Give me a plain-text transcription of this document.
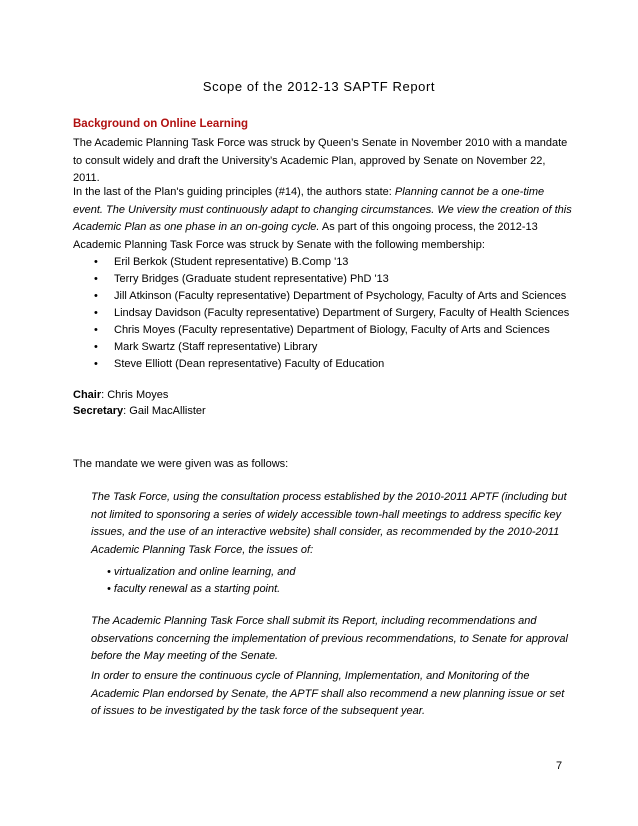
Scope of the 2012-13 SAPTF Report
Background on Online Learning
The Academic Planning Task Force was struck by Queen’s Senate in November 2010 with a mandate to consult widely and draft the University’s Academic Plan, approved by Senate on November 22, 2011.
In the last of the Plan's guiding principles (#14), the authors state: Planning cannot be a one-time event. The University must continuously adapt to changing circumstances. We view the creation of this Academic Plan as one phase in an on-going cycle. As part of this ongoing process, the 2012-13 Academic Planning Task Force was struck by Senate with the following membership:
• Eril Berkok (Student representative) B.Comp '13
• Terry Bridges (Graduate student representative) PhD '13
• Jill Atkinson (Faculty representative) Department of Psychology, Faculty of Arts and Sciences
• Lindsay Davidson (Faculty representative) Department of Surgery, Faculty of Health Sciences
• Chris Moyes (Faculty representative) Department of Biology, Faculty of Arts and Sciences
• Mark Swartz (Staff representative) Library
• Steve Elliott (Dean representative) Faculty of Education
Chair: Chris Moyes
Secretary: Gail MacAllister
The mandate we were given was as follows:
The Task Force, using the consultation process established by the 2010-2011 APTF (including but not limited to sponsoring a series of widely accessible town-hall meetings to address specific key issues, and the use of an interactive website) shall consider, as recommended by the 2010-2011 Academic Planning Task Force, the issues of:
• virtualization and online learning, and
• faculty renewal as a starting point.
The Academic Planning Task Force shall submit its Report, including recommendations and observations concerning the implementation of previous recommendations, to Senate for approval before the May meeting of the Senate.
In order to ensure the continuous cycle of Planning, Implementation, and Monitoring of the Academic Plan endorsed by Senate, the APTF shall also recommend a new planning issue or set of issues to be investigated by the task force of the subsequent year.
7
